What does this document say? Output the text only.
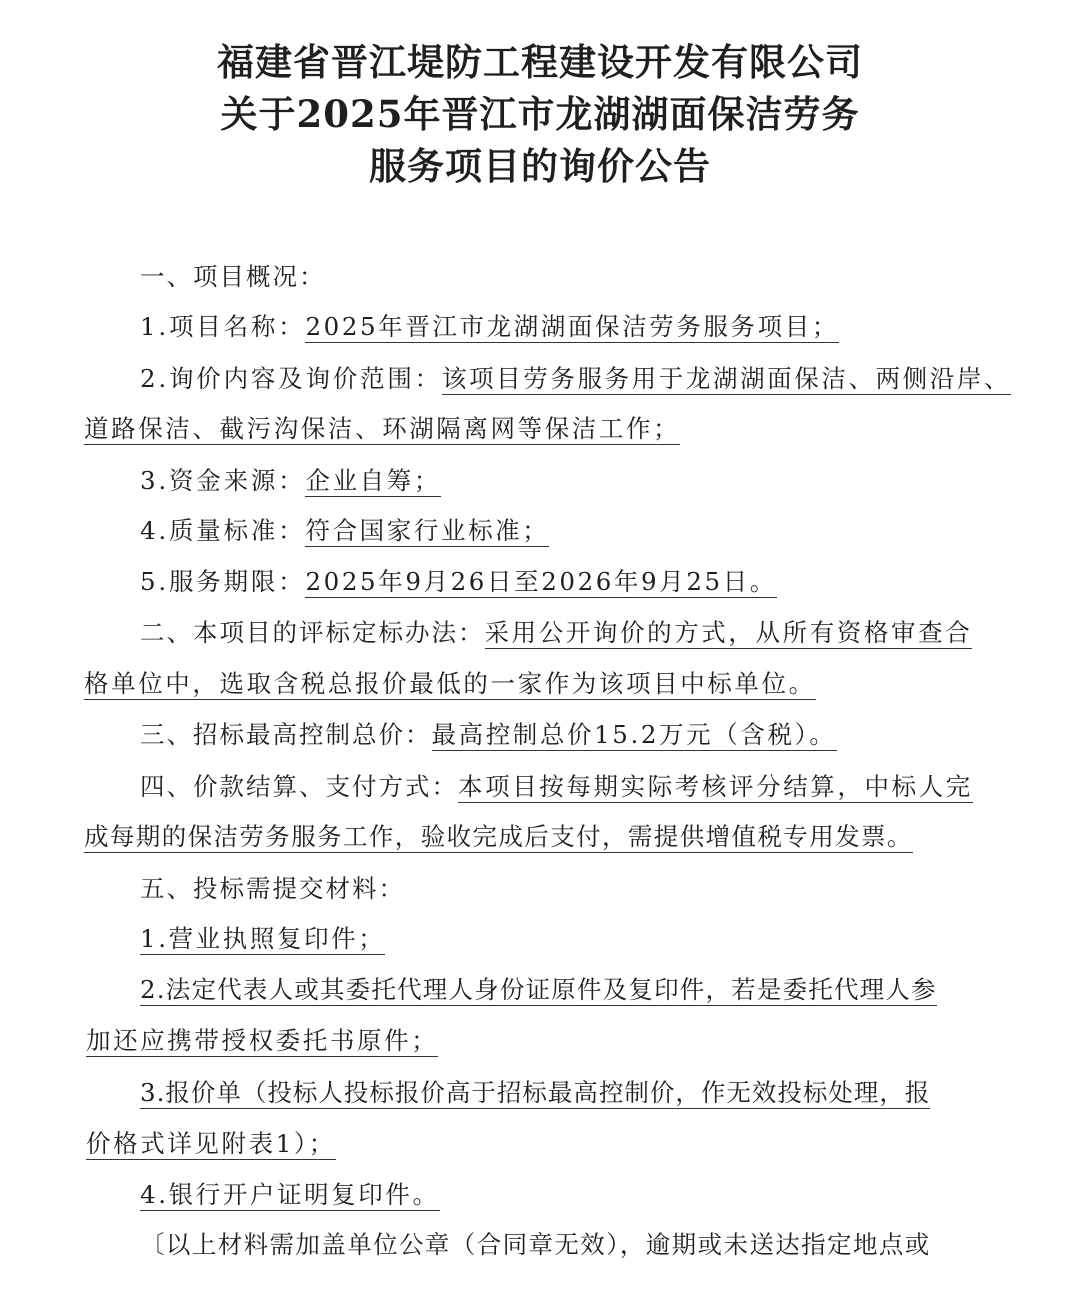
福建省晋江堤防工程建设开发有限公司
关于2025年晋江市龙湖湖面保洁劳务
服务项目的询价公告
一、项目概况：
1.项目名称：2025年晋江市龙湖湖面保洁劳务服务项目；
2.询价内容及询价范围：该项目劳务服务用于龙湖湖面保洁、两侧沿岸、
道路保洁、截污沟保洁、环湖隔离网等保洁工作；
3.资金来源：企业自筹；
4.质量标准：符合国家行业标准；
5.服务期限：2025年9月26日至2026年9月25日。
二、本项目的评标定标办法：采用公开询价的方式，从所有资格审查合
格单位中，选取含税总报价最低的一家作为该项目中标单位。
三、招标最高控制总价：最高控制总价15.2万元（含税）。
四、价款结算、支付方式：本项目按每期实际考核评分结算，中标人完
成每期的保洁劳务服务工作，验收完成后支付，需提供增值税专用发票。
五、投标需提交材料：
1.营业执照复印件；
2.法定代表人或其委托代理人身份证原件及复印件，若是委托代理人参
加还应携带授权委托书原件；
3.报价单（投标人投标报价高于招标最高控制价，作无效投标处理，报
价格式详见附表1）；
4.银行开户证明复印件。
〔以上材料需加盖单位公章（合同章无效），逾期或未送达指定地点或
